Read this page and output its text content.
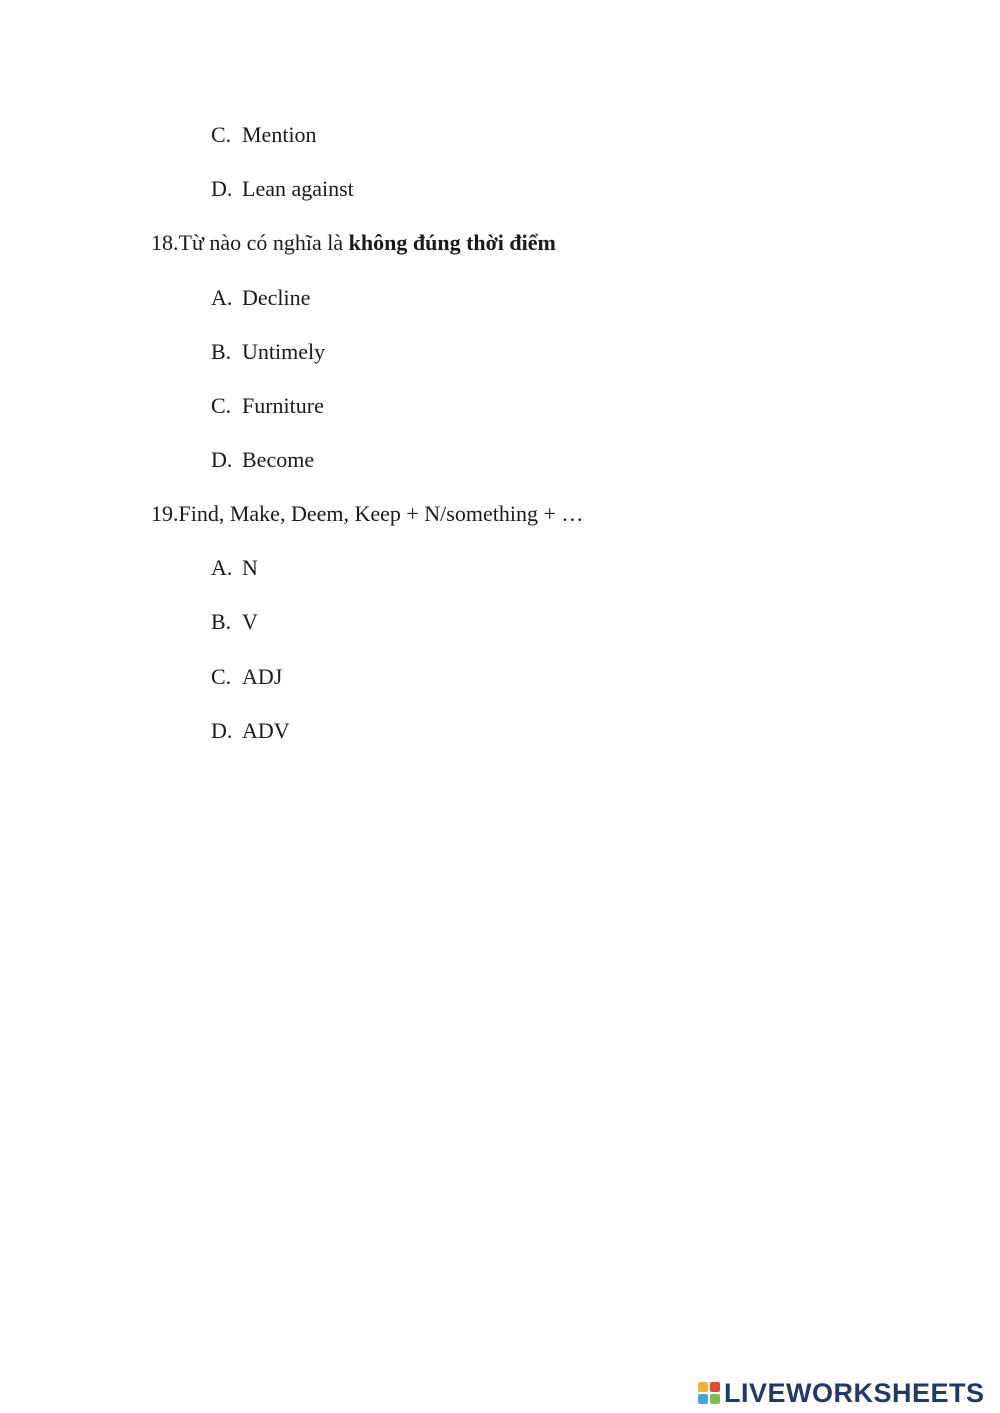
C. Mention
D. Lean against
18.Từ nào có nghĩa là không đúng thời điểm
A. Decline
B. Untimely
C. Furniture
D. Become
19.Find, Make, Deem, Keep + N/something + …
A. N
B. V
C. ADJ
D. ADV
LIVEWORKSHEETS
